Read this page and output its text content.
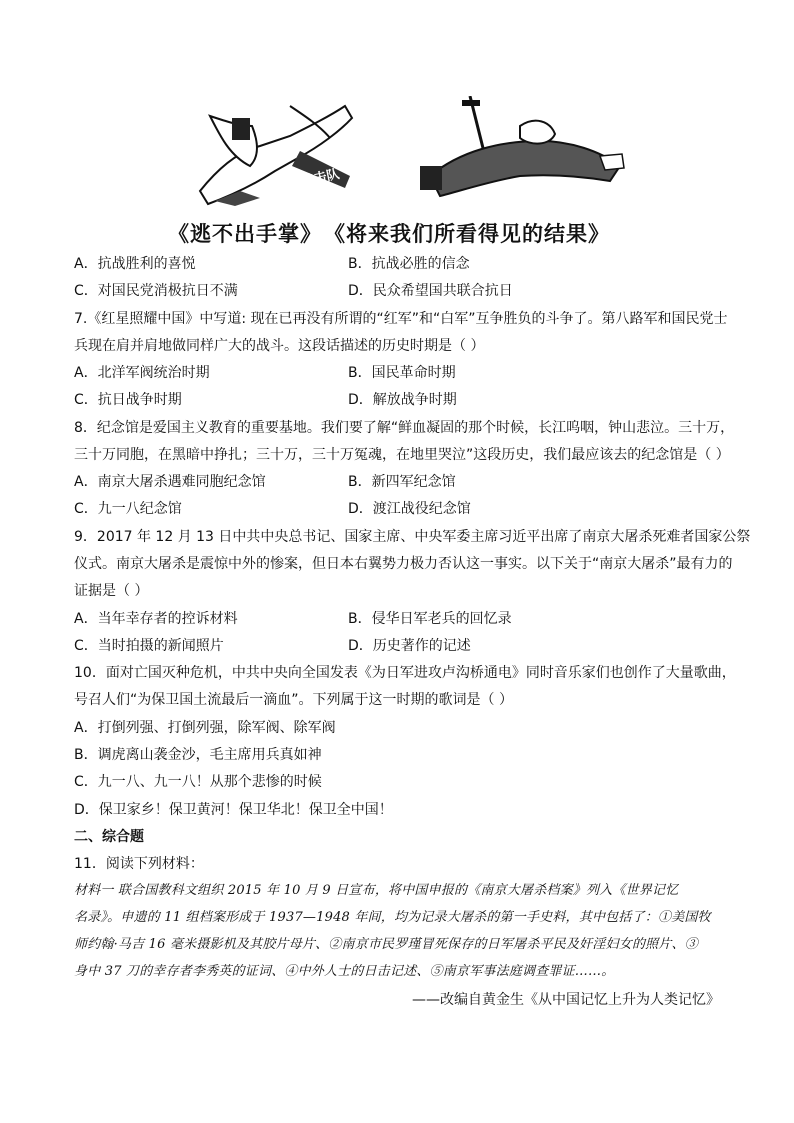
游击队
《逃不出手掌》 《将来我们所看得见的结果》
A．抗战胜利的喜悦	B．抗战必胜的信念
C．对国民党消极抗日不满	D．民众希望国共联合抗日
7.《红星照耀中国》中写道: 现在已再没有所谓的“红军”和“白军”互争胜负的斗争了。第八路军和国民党士
兵现在肩并肩地做同样广大的战斗。这段话描述的历史时期是（ ）
A．北洋军阀统治时期	B．国民革命时期
C．抗日战争时期	D．解放战争时期
8．纪念馆是爱国主义教育的重要基地。我们要了解“鲜血凝固的那个时候，长江呜咽，钟山悲泣。三十万，
三十万同胞，在黑暗中挣扎；三十万，三十万冤魂，在地里哭泣”这段历史，我们最应该去的纪念馆是（ ）
A．南京大屠杀遇难同胞纪念馆	B．新四军纪念馆
C．九一八纪念馆	D．渡江战役纪念馆
9．2017 年 12 月 13 日中共中央总书记、国家主席、中央军委主席习近平出席了南京大屠杀死难者国家公祭
仪式。南京大屠杀是震惊中外的惨案，但日本右翼势力极力否认这一事实。以下关于“南京大屠杀”最有力的
证据是（ ）
A．当年幸存者的控诉材料	B．侵华日军老兵的回忆录
C．当时拍摄的新闻照片	D．历史著作的记述
10．面对亡国灭种危机，中共中央向全国发表《为日军进攻卢沟桥通电》同时音乐家们也创作了大量歌曲，
号召人们“为保卫国土流最后一滴血”。下列属于这一时期的歌词是（ ）
A．打倒列强、打倒列强，除军阀、除军阀
B．调虎离山袭金沙，毛主席用兵真如神
C．九一八、九一八！从那个悲惨的时候
D．保卫家乡！保卫黄河！保卫华北！保卫全中国！
二、综合题
11．阅读下列材料：
材料一 联合国教科文组织 2015 年 10 月 9 日宣布，将中国申报的《南京大屠杀档案》列入《世界记忆
名录》。申遗的 11 组档案形成于 1937—1948 年间，均为记录大屠杀的第一手史料，其中包括了：①美国牧
师约翰·马吉 16 毫米摄影机及其胶片母片、②南京市民罗瑾冒死保存的日军屠杀平民及奸淫妇女的照片、③
身中 37 刀的幸存者李秀英的证词、④中外人士的日击记述、⑤南京军事法庭调查罪证……。
——改编自黄金生《从中国记忆上升为人类记忆》
